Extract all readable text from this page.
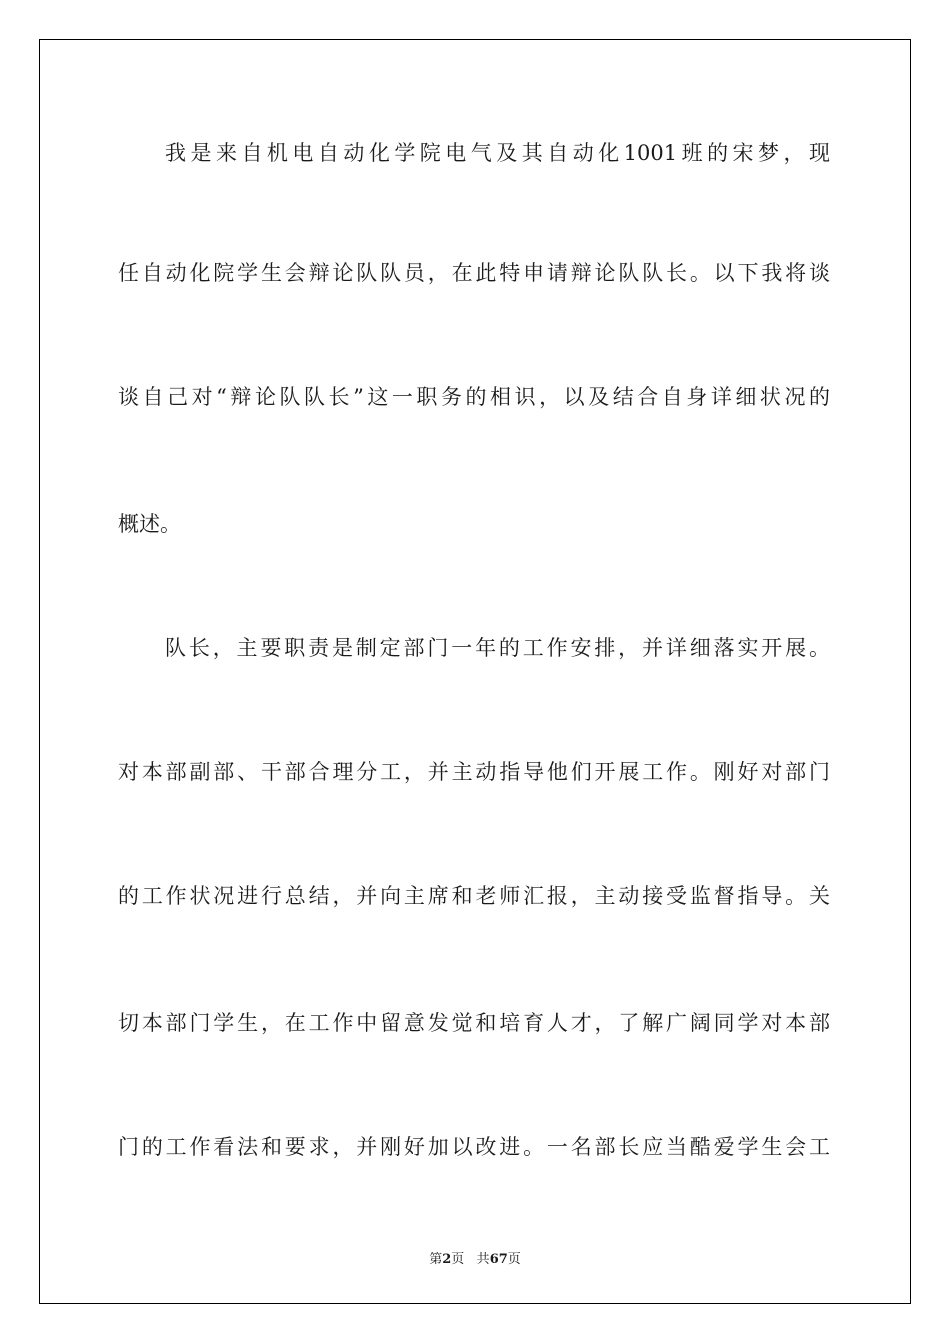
我是来自机电自动化学院电气及其自动化1001班的宋梦，现
任自动化院学生会辩论队队员，在此特申请辩论队队长。以下我将谈
谈自己对“辩论队队长”这一职务的相识，以及结合自身详细状况的
概述。
队长，主要职责是制定部门一年的工作安排，并详细落实开展。
对本部副部、干部合理分工，并主动指导他们开展工作。刚好对部门
的工作状况进行总结，并向主席和老师汇报，主动接受监督指导。关
切本部门学生，在工作中留意发觉和培育人才，了解广阔同学对本部
门的工作看法和要求，并刚好加以改进。一名部长应当酷爱学生会工
第2页 共67页
